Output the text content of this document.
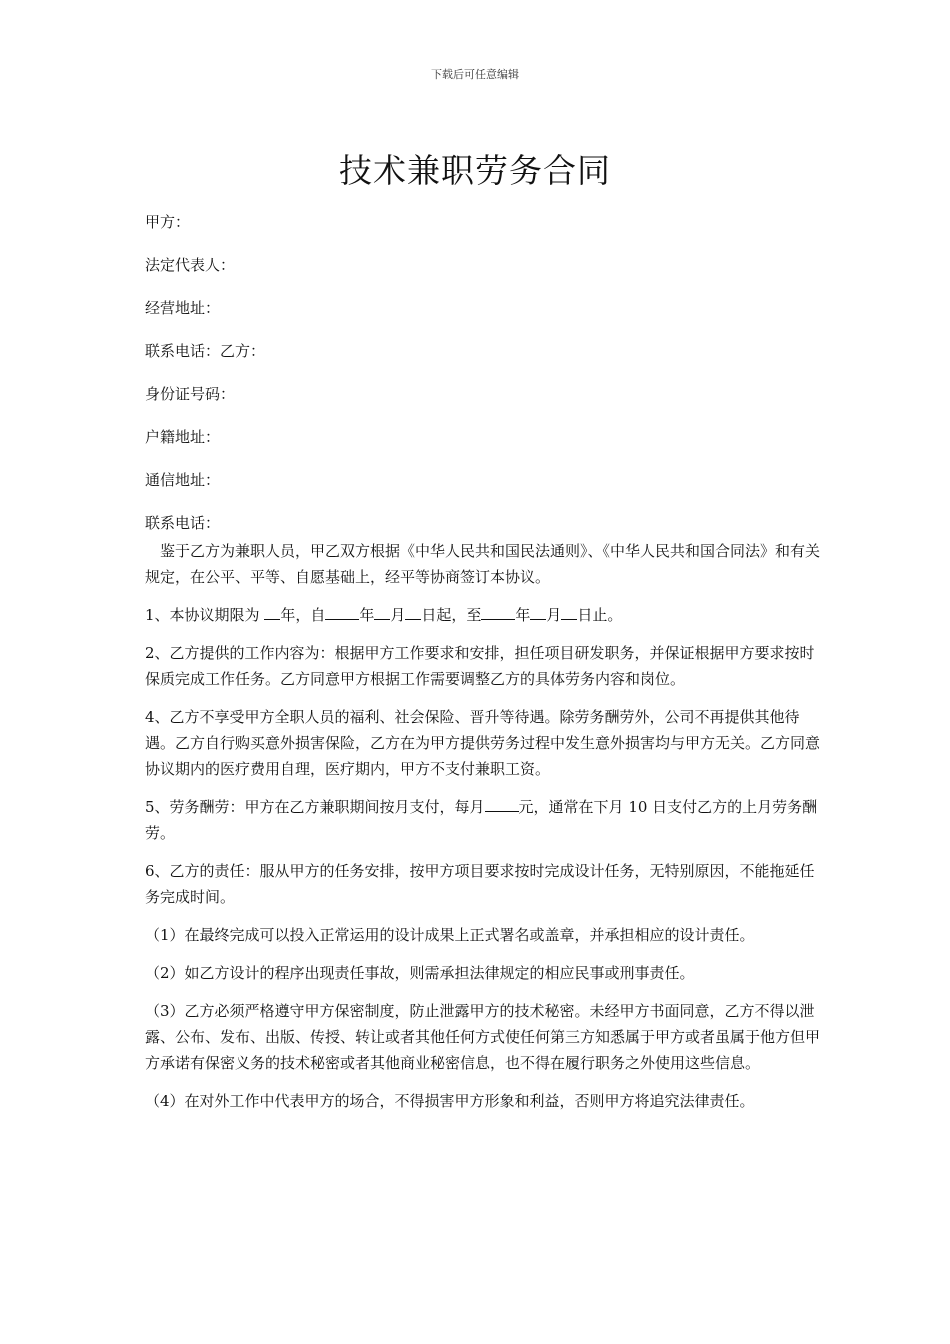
下载后可任意编辑
技术兼职劳务合同

甲方：

法定代表人：

经营地址：

联系电话：乙方：

身份证号码：

户籍地址：

通信地址：

联系电话：

鉴于乙方为兼职人员，甲乙双方根据《中华人民共和国民法通则》、《中华人民共和国合同法》和有关规定，在公平、平等、自愿基础上，经平等协商签订本协议。

1、本协议期限为 年，自 年 月 日起，至 年 月 日止。

2、乙方提供的工作内容为：根据甲方工作要求和安排，担任项目研发职务，并保证根据甲方要求按时保质完成工作任务。乙方同意甲方根据工作需要调整乙方的具体劳务内容和岗位。

4、乙方不享受甲方全职人员的福利、社会保险、晋升等待遇。除劳务酬劳外，公司不再提供其他待遇。乙方自行购买意外损害保险，乙方在为甲方提供劳务过程中发生意外损害均与甲方无关。乙方同意协议期内的医疗费用自理，医疗期内，甲方不支付兼职工资。

5、劳务酬劳：甲方在乙方兼职期间按月支付，每月 元，通常在下月 10 日支付乙方的上月劳务酬劳。

6、乙方的责任：服从甲方的任务安排，按甲方项目要求按时完成设计任务，无特别原因，不能拖延任务完成时间。

（1）在最终完成可以投入正常运用的设计成果上正式署名或盖章，并承担相应的设计责任。

（2）如乙方设计的程序出现责任事故，则需承担法律规定的相应民事或刑事责任。

（3）乙方必须严格遵守甲方保密制度，防止泄露甲方的技术秘密。未经甲方书面同意，乙方不得以泄露、公布、发布、出版、传授、转让或者其他任何方式使任何第三方知悉属于甲方或者虽属于他方但甲方承诺有保密义务的技术秘密或者其他商业秘密信息，也不得在履行职务之外使用这些信息。

（4）在对外工作中代表甲方的场合，不得损害甲方形象和利益，否则甲方将追究法律责任。
